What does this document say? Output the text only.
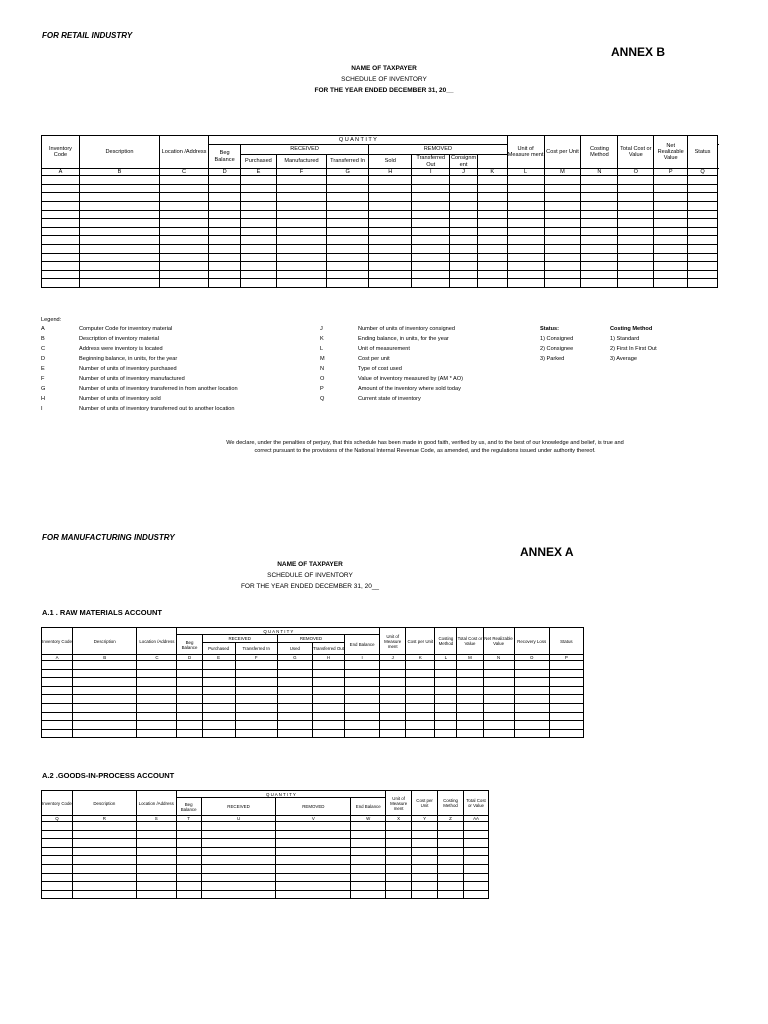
FOR RETAIL INDUSTRY
ANNEX B
NAME OF TAXPAYER
SCHEDULE OF INVENTORY
FOR THE YEAR ENDED DECEMBER 31, 20__
Inventory Code	Description	Location /Address	Q U A N T I T Y								Unit of Measure ment	Cost per Unit	Costing Method	Total Cost or Value	Net Realizable Value	Status	
			Beg Balance	RECEIVED			REMOVED	
				Purchased	Manufactured	Transferred In	Sold	Transferred Out	Consignm ent								
A	B	C	D	E	F	G	H	I	J	K	L	M	N	O	P	Q	

Legend:
A	Computer Code for inventory material
B	Description of inventory material
C	Address were inventory is located
D	Beginning balance, in units, for the year
E	Number of units of inventory purchased
F	Number of units of inventory manufactured
G	Number of units of inventory transferred in from another location
H	Number of units of inventory sold
I	Number of units of inventory transferred out to another location
J	Number of units of inventory consigned
K	Ending balance, in units, for the year
L	Unit of measurement
M	Cost per unit
N	Type of cost used
O	Value of inventory measured by (AM * AO)
P	Amount of the inventory where sold today
Q	Current state of inventory
Status:
1) Consigned
2) Consignee
3) Parked
Costing Method
1) Standard
2) First In First Out
3) Average
We declare, under the penalties of perjury, that this schedule has been made in good faith, verified by us, and to the best of our knowledge and belief, is true and
correct pursuant to the provisions of the National Internal Revenue Code, as amended, and the regulations issued under authority thereof.
FOR MANUFACTURING INDUSTRY
ANNEX A
NAME OF TAXPAYER
SCHEDULE OF INVENTORY
FOR THE YEAR ENDED DECEMBER 31, 20__
A.1 . RAW MATERIALS ACCOUNT
Inventory Code	Description	Location /Address	Q U A N T I T Y						Unit of Measure ment	Cost per Unit	Costing Method	Total Cost or Value	Net Realizable Value	Recovery Loss	Status
			Beg Balance	RECEIVED		REMOVED		End Balance							
				Purchased	Transferred In	Used	Transferred Out								
A	B	C	D	E	F	G	H	I	J	K	L	M	N	O	P

A.2 .GOODS-IN-PROCESS ACCOUNT
Inventory Code	Description	Location /Address	Q U A N T I T Y				Unit of Measure ment	Cost per Unit	Costing Method	Total Cost or Value
			Beg Balance	RECEIVED	REMOVED	End Balance				
Q	R	S	T	U	V	W	X	Y	Z	AA
